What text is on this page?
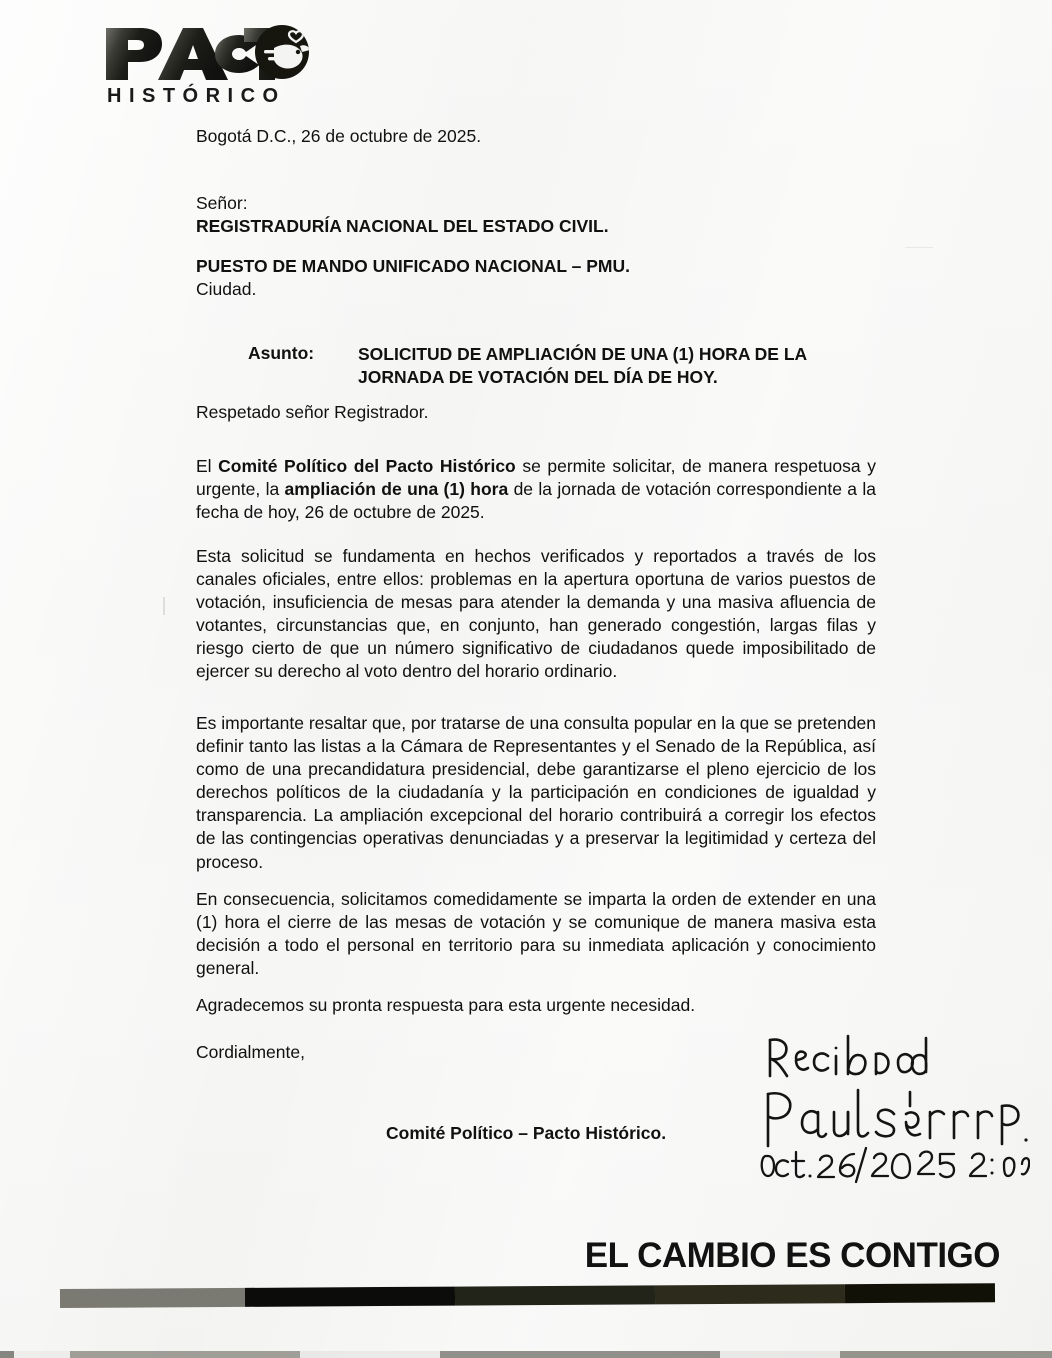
HISTÓRICO
Bogotá D.C., 26 de octubre de 2025.
Señor:
REGISTRADURÍA NACIONAL DEL ESTADO CIVIL.
PUESTO DE MANDO UNIFICADO NACIONAL – PMU.
Ciudad.
Asunto:	SOLICITUD DE AMPLIACIÓN DE UNA (1) HORA DE LA JORNADA DE VOTACIÓN DEL DÍA DE HOY.
Respetado señor Registrador.

El Comité Político del Pacto Histórico se permite solicitar, de manera respetuosa y urgente, la ampliación de una (1) hora de la jornada de votación correspondiente a la fecha de hoy, 26 de octubre de 2025.

Esta solicitud se fundamenta en hechos verificados y reportados a través de los canales oficiales, entre ellos: problemas en la apertura oportuna de varios puestos de votación, insuficiencia de mesas para atender la demanda y una masiva afluencia de votantes, circunstancias que, en conjunto, han generado congestión, largas filas y riesgo cierto de que un número significativo de ciudadanos quede imposibilitado de ejercer su derecho al voto dentro del horario ordinario.

Es importante resaltar que, por tratarse de una consulta popular en la que se pretenden definir tanto las listas a la Cámara de Representantes y el Senado de la República, así como de una precandidatura presidencial, debe garantizarse el pleno ejercicio de los derechos políticos de la ciudadanía y la participación en condiciones de igualdad y transparencia. La ampliación excepcional del horario contribuirá a corregir los efectos de las contingencias operativas denunciadas y a preservar la legitimidad y certeza del proceso.

En consecuencia, solicitamos comedidamente se imparta la orden de extender en una (1) hora el cierre de las mesas de votación y se comunique de manera masiva esta decisión a todo el personal en territorio para su inmediata aplicación y conocimiento general.

Agradecemos su pronta respuesta para esta urgente necesidad.
Cordialmente,
Comité Político – Pacto Histórico.
EL CAMBIO ES CONTIGO
